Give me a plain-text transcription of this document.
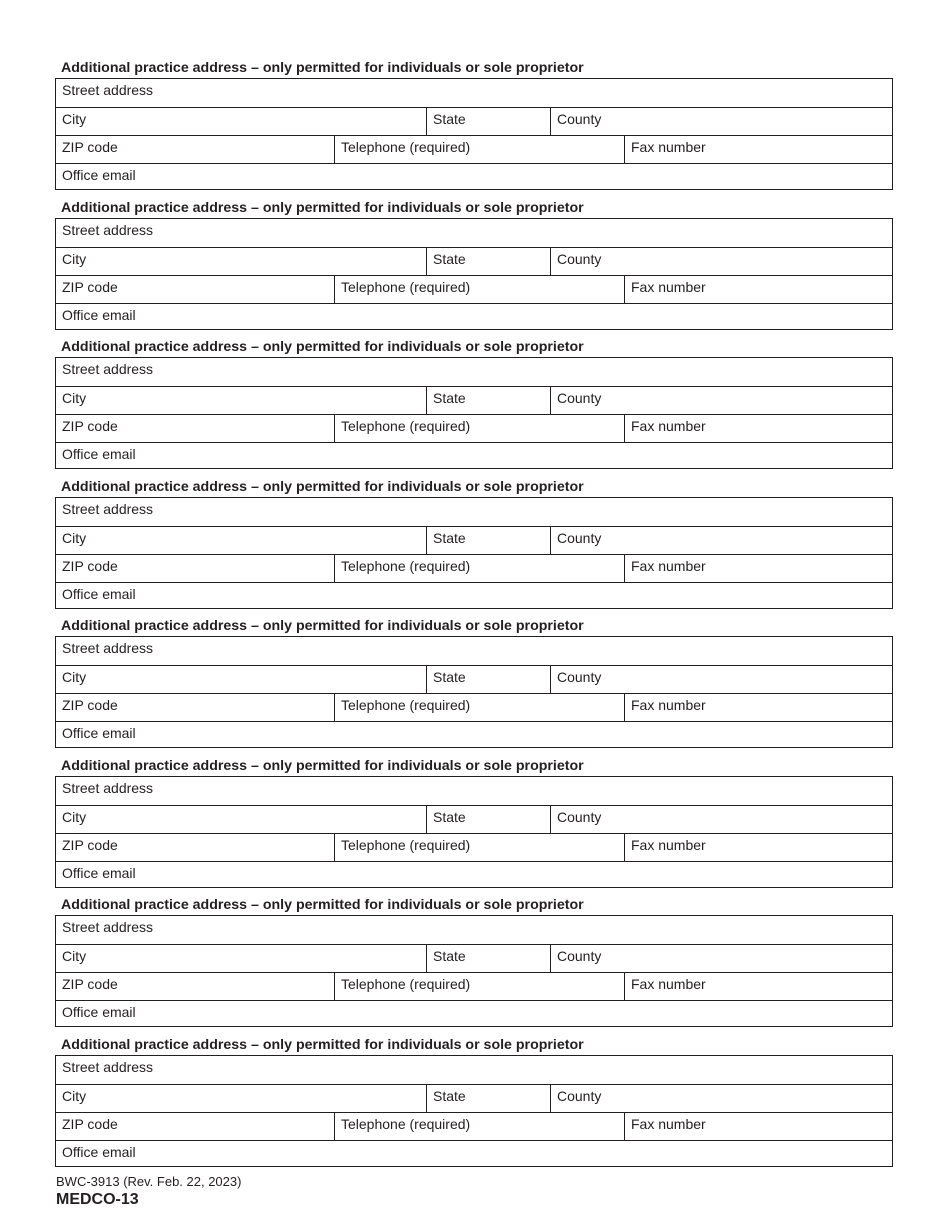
Additional practice address – only permitted for individuals or sole proprietor
Street address
City	State	County
ZIP code	Telephone (required)	Fax number
Office email
Additional practice address – only permitted for individuals or sole proprietor
Street address
City	State	County
ZIP code	Telephone (required)	Fax number
Office email
Additional practice address – only permitted for individuals or sole proprietor
Street address
City	State	County
ZIP code	Telephone (required)	Fax number
Office email
Additional practice address – only permitted for individuals or sole proprietor
Street address
City	State	County
ZIP code	Telephone (required)	Fax number
Office email
Additional practice address – only permitted for individuals or sole proprietor
Street address
City	State	County
ZIP code	Telephone (required)	Fax number
Office email
Additional practice address – only permitted for individuals or sole proprietor
Street address
City	State	County
ZIP code	Telephone (required)	Fax number
Office email
Additional practice address – only permitted for individuals or sole proprietor
Street address
City	State	County
ZIP code	Telephone (required)	Fax number
Office email
Additional practice address – only permitted for individuals or sole proprietor
Street address
City	State	County
ZIP code	Telephone (required)	Fax number
Office email
BWC-3913 (Rev. Feb. 22, 2023)
MEDCO-13
